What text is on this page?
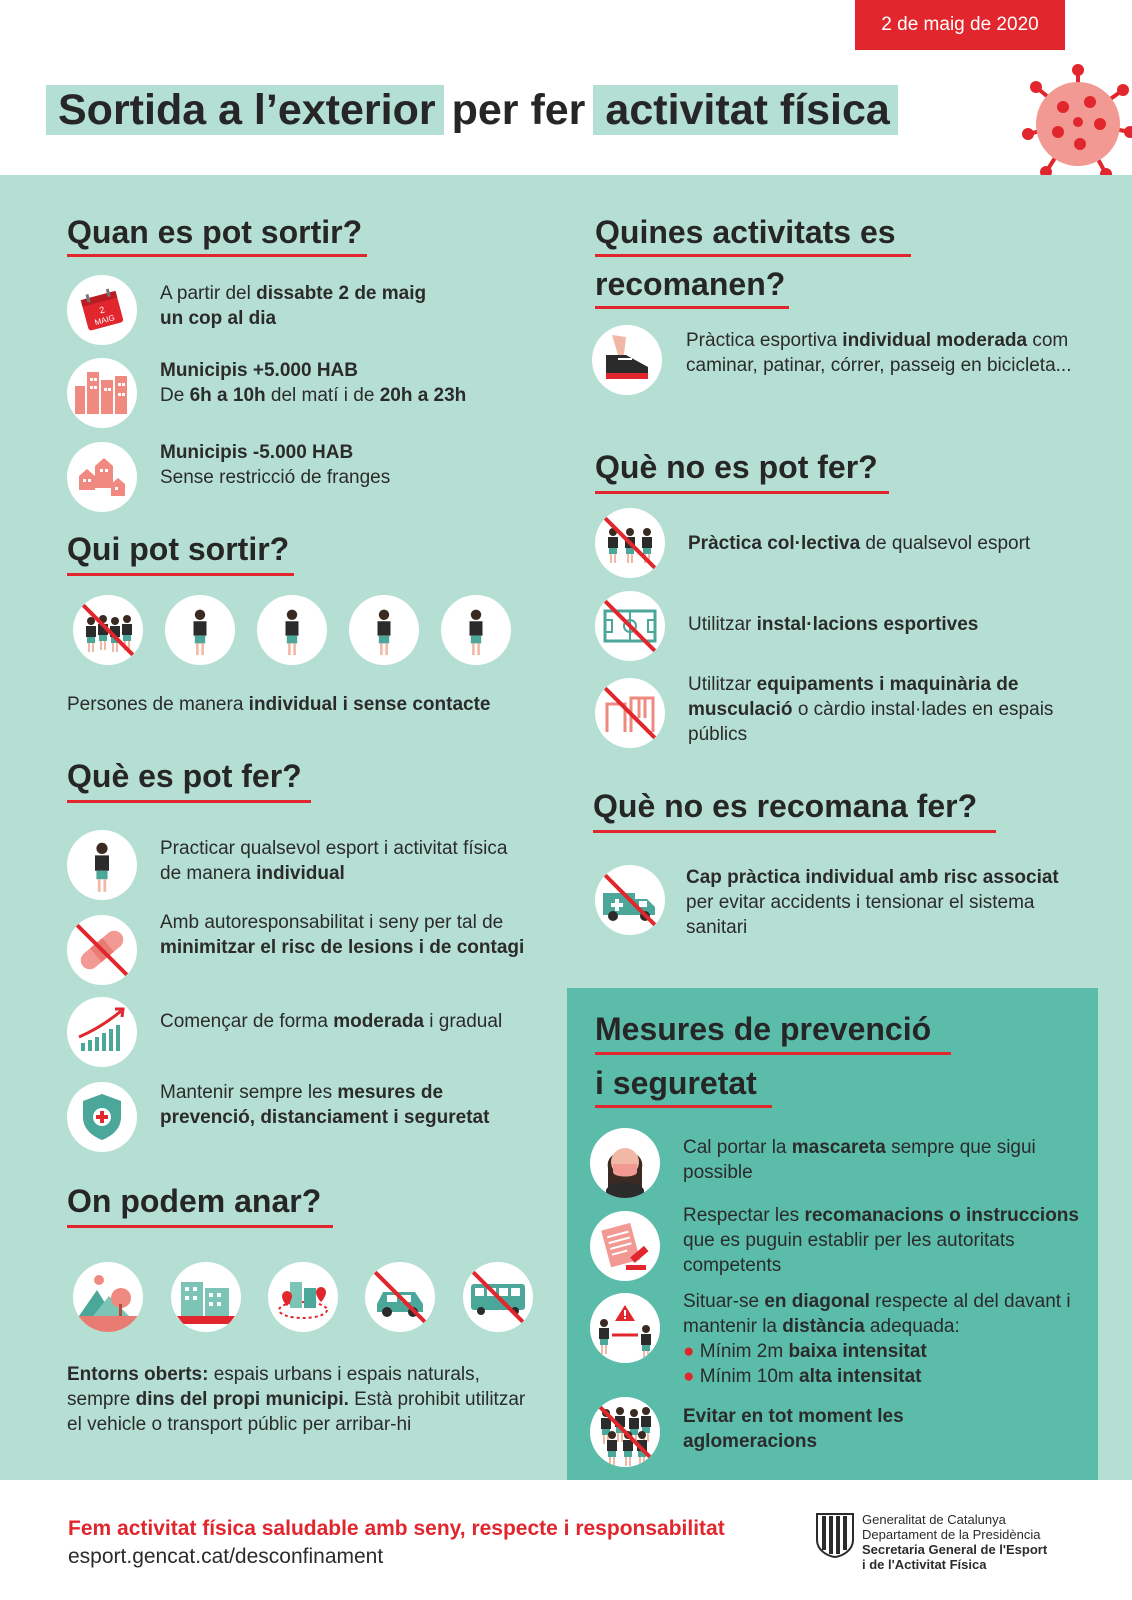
2 de maig de 2020
Sortida a l’exterior per fer activitat física
Quan es pot sortir?
2
MAIG
A partir del dissabte 2 de maig
un cop al dia
Municipis +5.000 HAB
De 6h a 10h del matí i de 20h a 23h
Municipis -5.000 HAB
Sense restricció de franges
Qui pot sortir?
Persones de manera individual i sense contacte
Què es pot fer?
Practicar qualsevol esport i activitat física de manera individual
Amb autoresponsabilitat i seny per tal de minimitzar el risc de lesions i de contagi
Començar de forma moderada i gradual
Mantenir sempre les mesures de prevenció, distanciament i seguretat
On podem anar?
Entorns oberts: espais urbans i espais naturals, sempre dins del propi municipi. Està prohibit utilitzar el vehicle o transport públic per arribar-hi
Quines activitats es
recomanen?
Pràctica esportiva individual moderada com caminar, patinar, córrer, passeig en bicicleta...
Què no es pot fer?
Pràctica col·lectiva de qualsevol esport
Utilitzar instal·lacions esportives
Utilitzar equipaments i maquinària de musculació o càrdio instal·lades en espais públics
Què no es recomana fer?
Cap pràctica individual amb risc associat per evitar accidents i tensionar el sistema sanitari
Mesures de prevenció
i seguretat
Cal portar la mascareta sempre que sigui possible
Respectar les recomanacions o instruccions que es puguin establir per les autoritats competents
Situar-se en diagonal respecte al del davant i mantenir la distància adequada:
● Mínim 2m baixa intensitat
● Mínim 10m alta intensitat
Evitar en tot moment les aglomeracions
Fem activitat física saludable amb seny, respecte i responsabilitat
esport.gencat.cat/desconfinament
Generalitat de Catalunya
Departament de la Presidència
Secretaria General de l'Esport
i de l'Activitat Física
